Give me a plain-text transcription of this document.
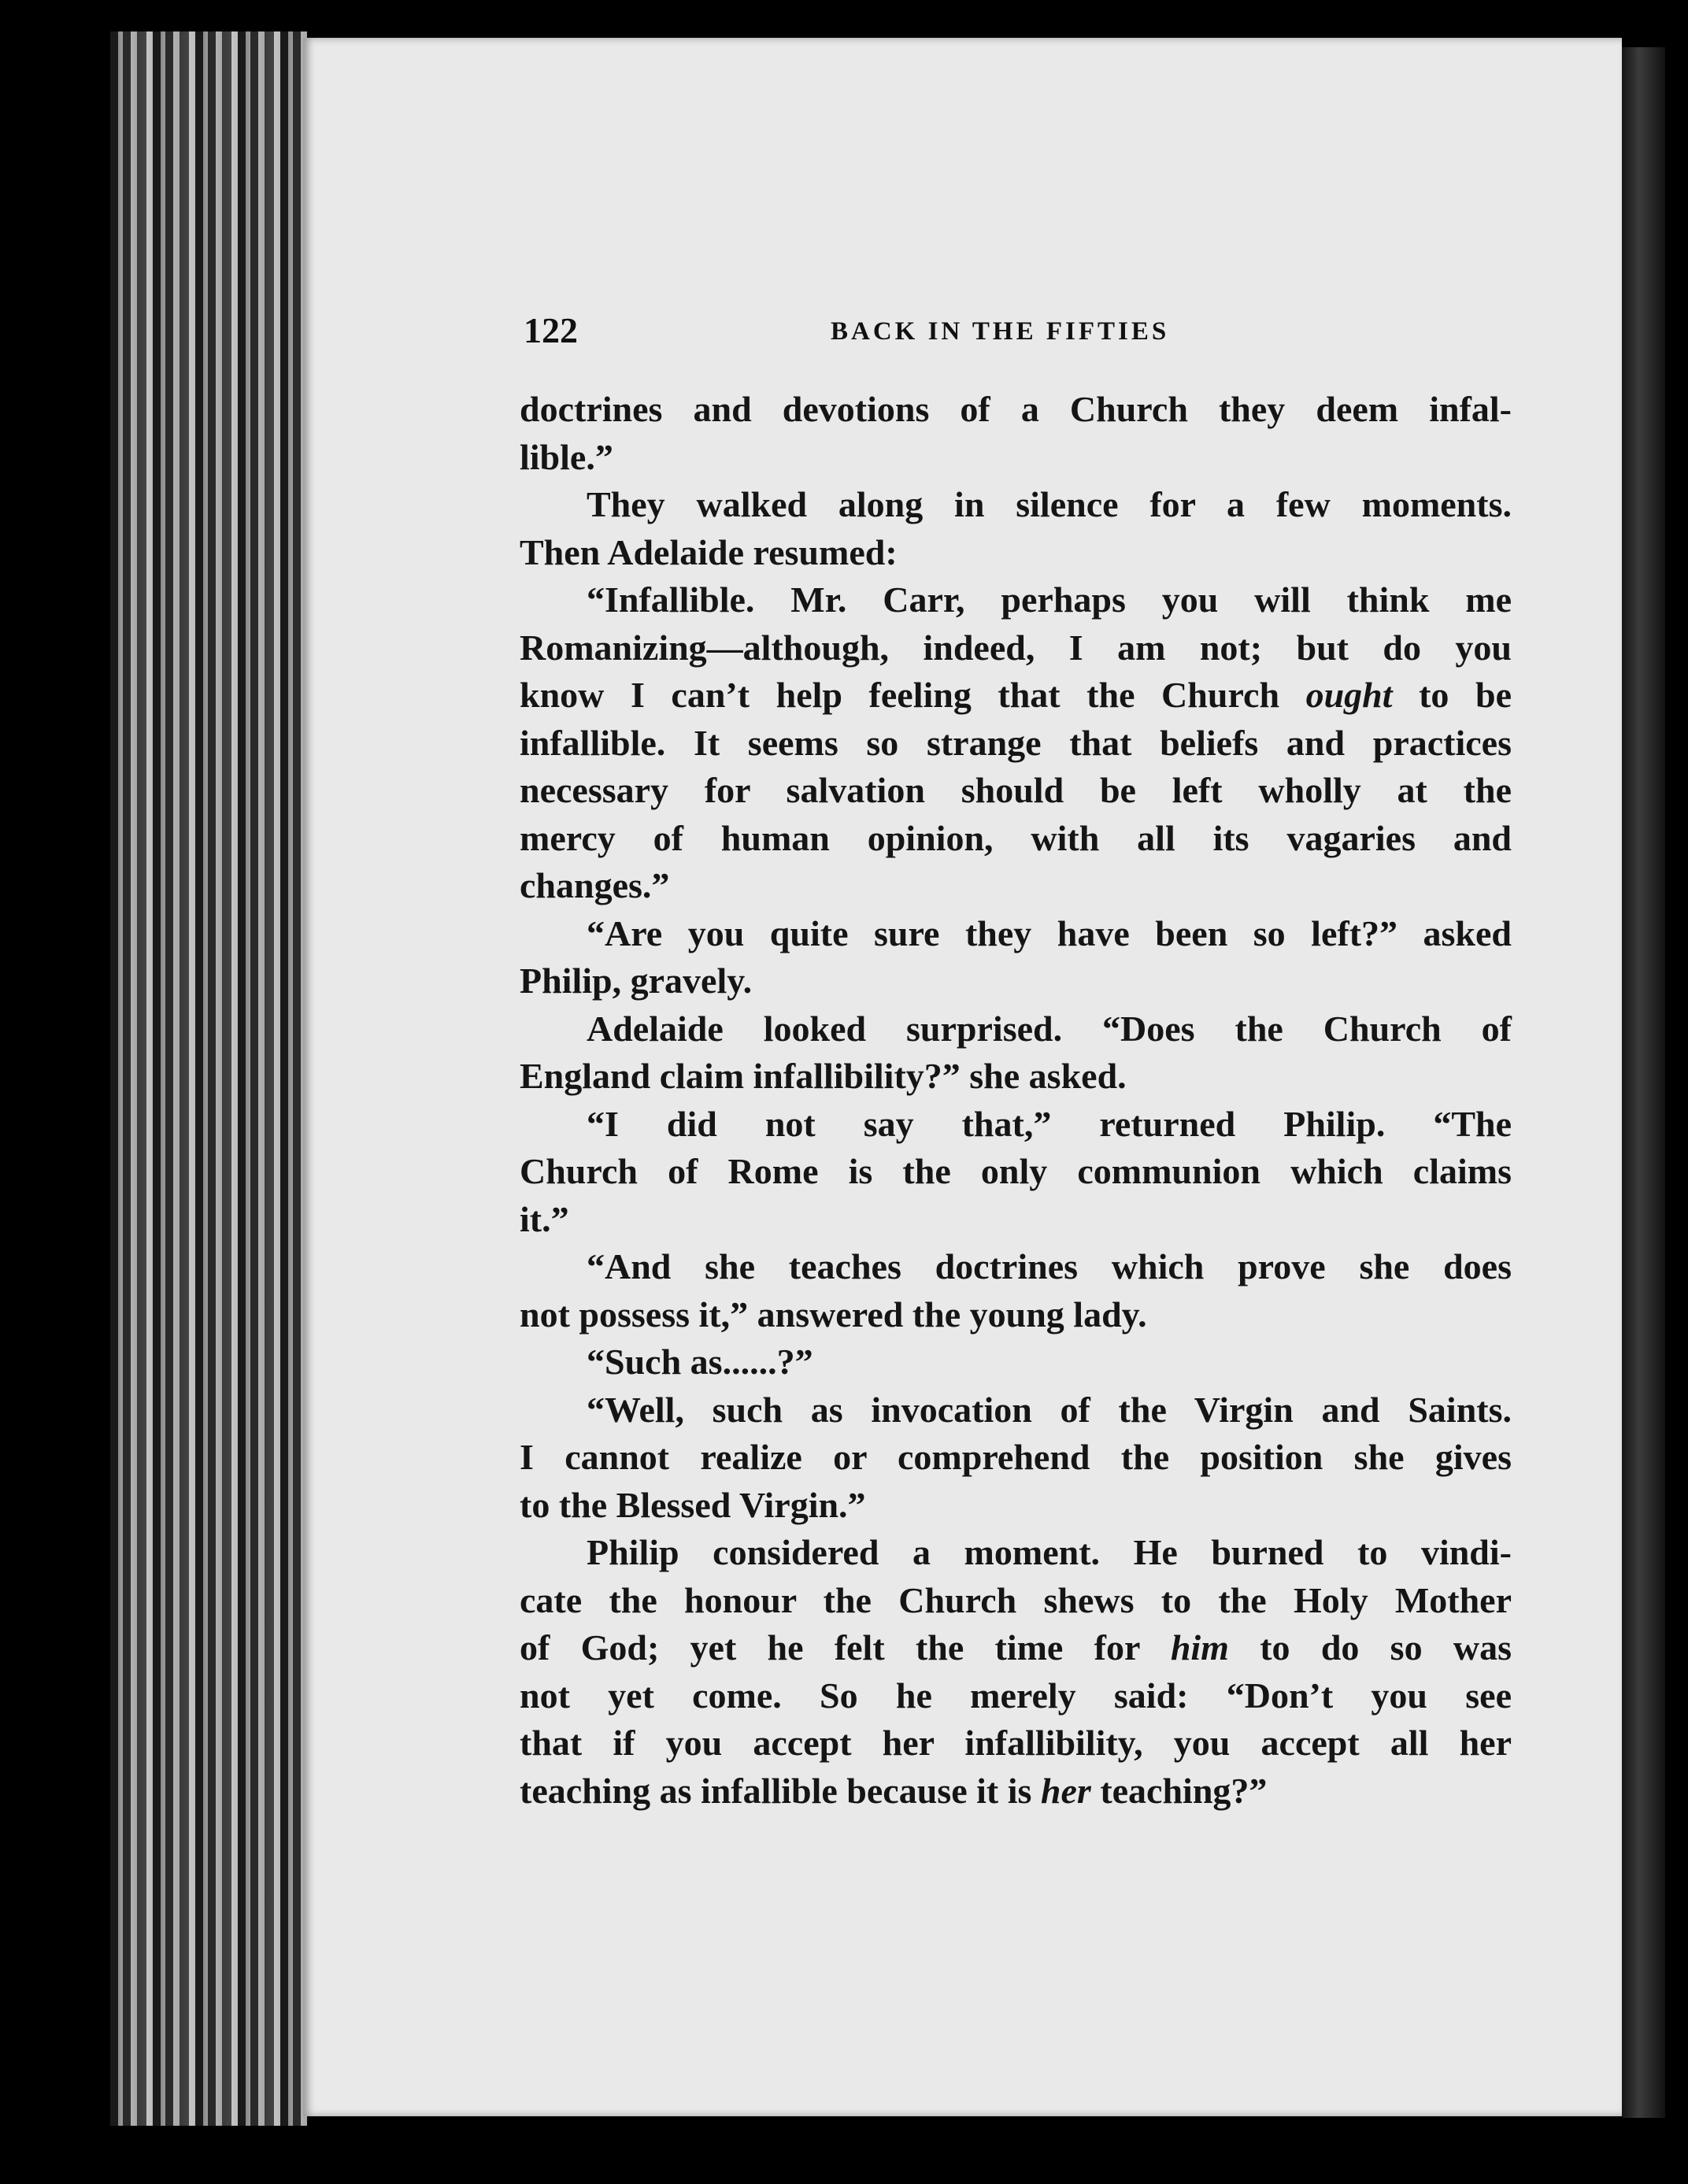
122	BACK IN THE FIFTIES
doctrines and devotions of a Church they deem infal-
lible.”
They walked along in silence for a few moments.
Then Adelaide resumed:
“Infallible. Mr. Carr, perhaps you will think me
Romanizing—although, indeed, I am not; but do you
know I can’t help feeling that the Church ought to be
infallible. It seems so strange that beliefs and practices
necessary for salvation should be left wholly at the
mercy of human opinion, with all its vagaries and
changes.”
“Are you quite sure they have been so left?” asked
Philip, gravely.
Adelaide looked surprised. “Does the Church of
England claim infallibility?” she asked.
“I did not say that,” returned Philip. “The
Church of Rome is the only communion which claims
it.”
“And she teaches doctrines which prove she does
not possess it,” answered the young lady.
“Such as......?”
“Well, such as invocation of the Virgin and Saints.
I cannot realize or comprehend the position she gives
to the Blessed Virgin.”
Philip considered a moment. He burned to vindi-
cate the honour the Church shews to the Holy Mother
of God; yet he felt the time for him to do so was
not yet come. So he merely said: “Don’t you see
that if you accept her infallibility, you accept all her
teaching as infallible because it is her teaching?”
